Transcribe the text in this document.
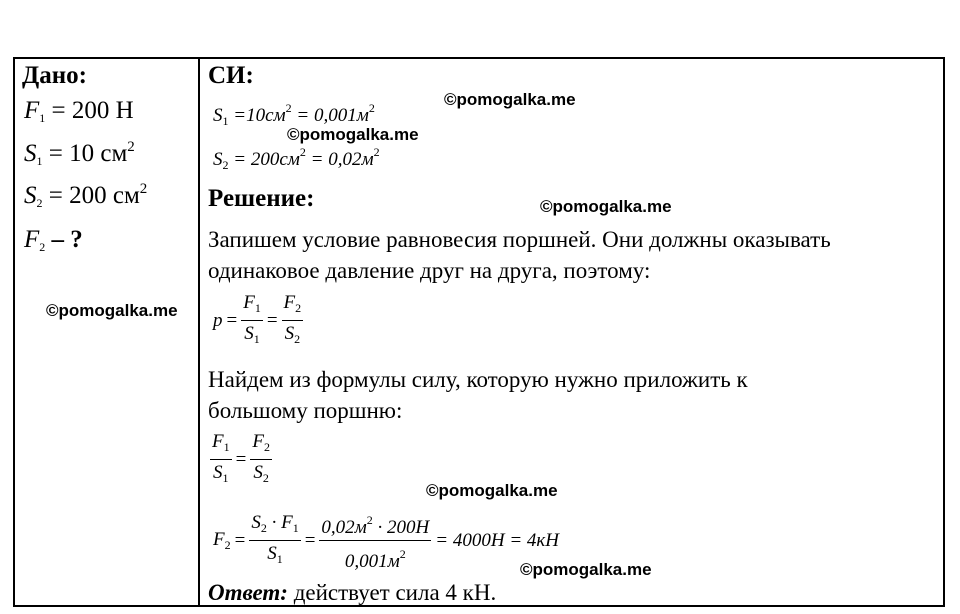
Дано:
$F_1 = 200$ Н
$S_1 = 10$ $см^2$
$S_2 = 200$ $см^2$
$F_2$ – ?
СИ:
$S_1 =10см^2 = 0,001м^2$
$S_2 = 200см^2 = 0,02м^2$
Решение:
Запишем условие равновесия поршней. Они должны оказывать
одинаковое давление друг на друга, поэтому:
$p = \frac{F_1}{S_1} = \frac{F_2}{S_2}$
Найдем из формулы силу, которую нужно приложить к
большому поршню:
$\frac{F_1}{S_1} = \frac{F_2}{S_2}$
$F_2 = \frac{S_2 \cdot F_1}{S_1} = \frac{0,02м^2 \cdot 200Н}{0,001м^2} = 4000Н = 4кН$
Ответ: действует сила 4 кН.
©pomogalka.me
©pomogalka.me
©pomogalka.me
©pomogalka.me
©pomogalka.me
©pomogalka.me
